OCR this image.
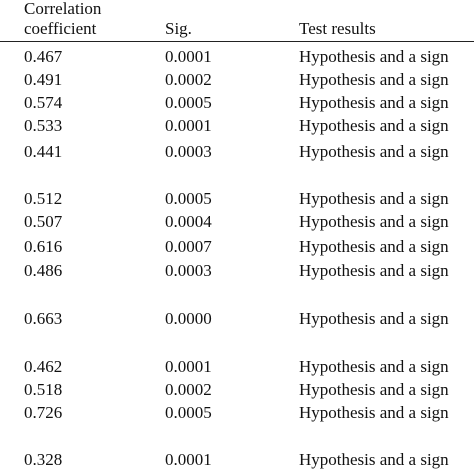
Correlation
coefficient	Sig.	Test results
0.467	0.0001	Hypothesis and a sign
0.491	0.0002	Hypothesis and a sign
0.574	0.0005	Hypothesis and a sign
0.533	0.0001	Hypothesis and a sign
0.441	0.0003	Hypothesis and a sign
0.512	0.0005	Hypothesis and a sign
0.507	0.0004	Hypothesis and a sign
0.616	0.0007	Hypothesis and a sign
0.486	0.0003	Hypothesis and a sign
0.663	0.0000	Hypothesis and a sign
0.462	0.0001	Hypothesis and a sign
0.518	0.0002	Hypothesis and a sign
0.726	0.0005	Hypothesis and a sign
0.328	0.0001	Hypothesis and a sign
